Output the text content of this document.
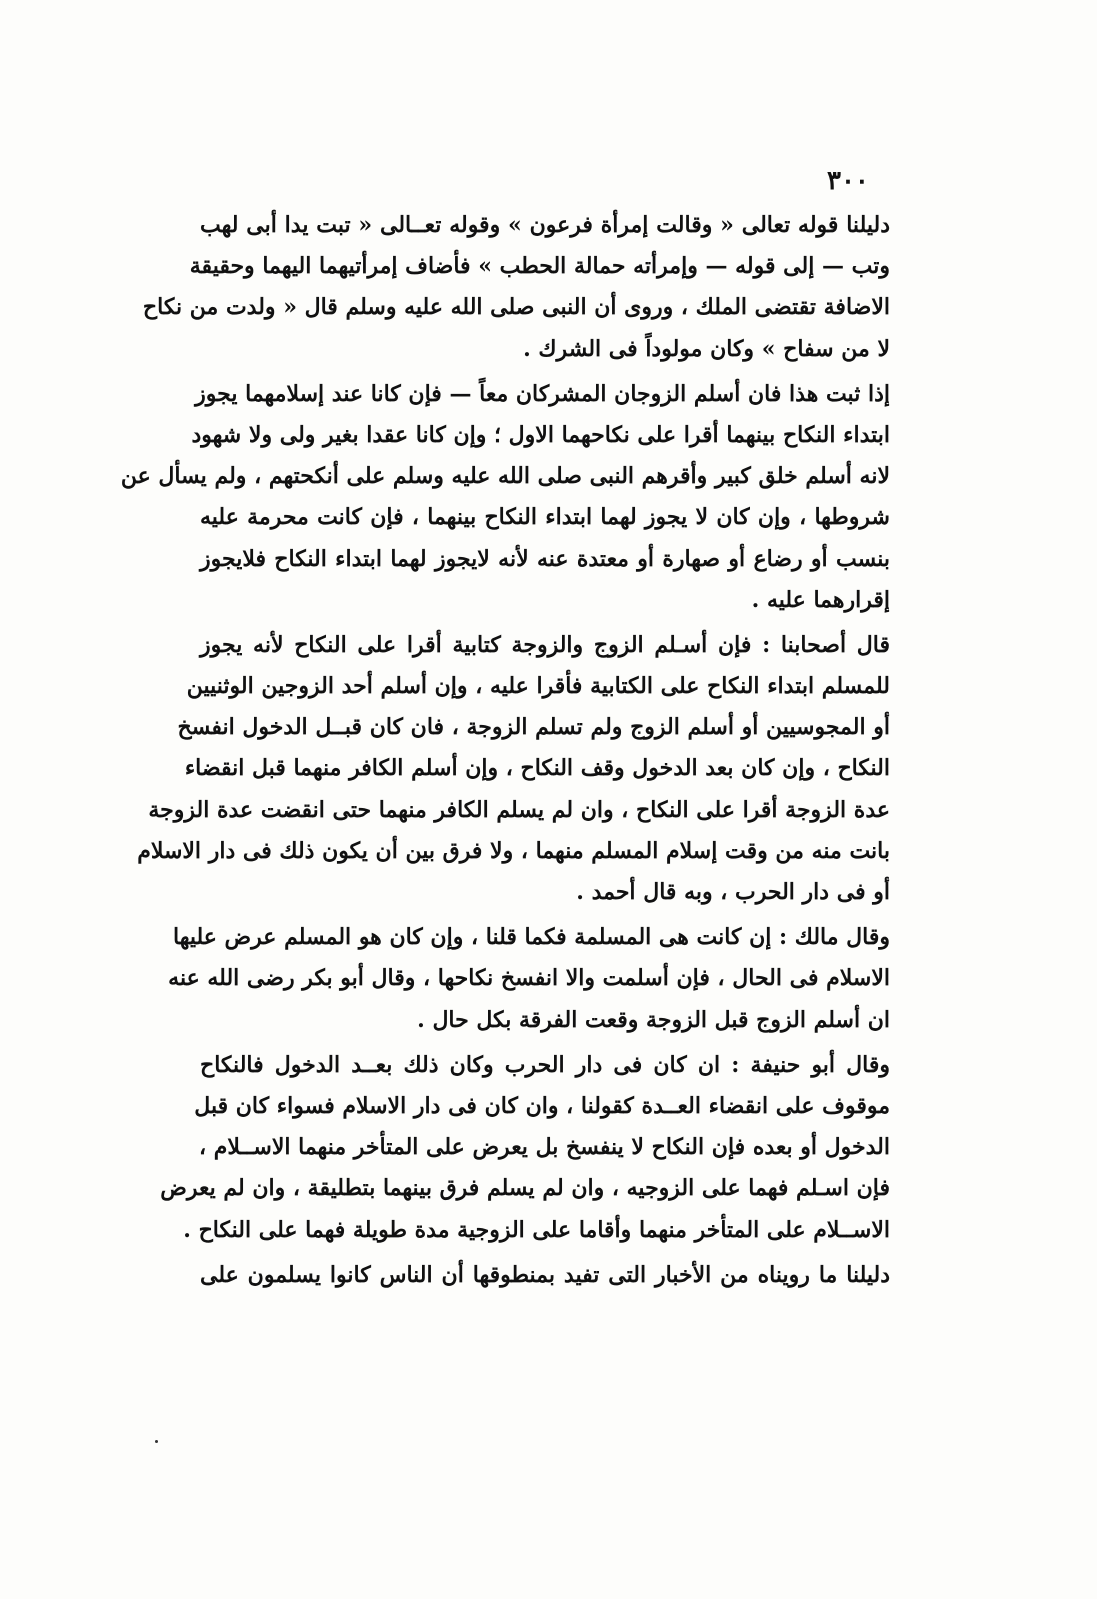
٣٠٠
دليلنا قوله تعالى « وقالت إمرأة فرعون » وقوله تعــالى « تبت يدا أبى لهب
وتب — إلى قوله — وإمرأته حمالة الحطب » فأضاف إمرأتيهما اليهما وحقيقة
الاضافة تقتضى الملك ، وروى أن النبى صلى الله عليه وسلم قال « ولدت من نكاح
لا من سفاح » وكان مولوداً فى الشرك .
إذا ثبت هذا فان أسلم الزوجان المشركان معاً — فإن كانا عند إسلامهما يجوز
ابتداء النكاح بينهما أقرا على نكاحهما الاول ؛ وإن كانا عقدا بغير ولى ولا شهود
لانه أسلم خلق كبير وأقرهم النبى صلى الله عليه وسلم على أنكحتهم ، ولم يسأل عن
شروطها ، وإن كان لا يجوز لهما ابتداء النكاح بينهما ، فإن كانت محرمة عليه
بنسب أو رضاع أو صهارة أو معتدة عنه لأنه لايجوز لهما ابتداء النكاح فلايجوز
إقرارهما عليه .
قال أصحابنا : فإن أسـلم الزوج والزوجة كتابية أقرا على النكاح لأنه يجوز
للمسلم ابتداء النكاح على الكتابية فأقرا عليه ، وإن أسلم أحد الزوجين الوثنيين
أو المجوسيين أو أسلم الزوج ولم تسلم الزوجة ، فان كان قبــل الدخول انفسخ
النكاح ، وإن كان بعد الدخول وقف النكاح ، وإن أسلم الكافر منهما قبل انقضاء
عدة الزوجة أقرا على النكاح ، وان لم يسلم الكافر منهما حتى انقضت عدة الزوجة
بانت منه من وقت إسلام المسلم منهما ، ولا فرق بين أن يكون ذلك فى دار الاسلام
أو فى دار الحرب ، وبه قال أحمد .
وقال مالك : إن كانت هى المسلمة فكما قلنا ، وإن كان هو المسلم عرض عليها
الاسلام فى الحال ، فإن أسلمت والا انفسخ نكاحها ، وقال أبو بكر رضى الله عنه
ان أسلم الزوج قبل الزوجة وقعت الفرقة بكل حال .
وقال أبو حنيفة : ان كان فى دار الحرب وكان ذلك بعــد الدخول فالنكاح
موقوف على انقضاء العــدة كقولنا ، وان كان فى دار الاسلام فسواء كان قبل
الدخول أو بعده فإن النكاح لا ينفسخ بل يعرض على المتأخر منهما الاســلام ،
فإن اسـلم فهما على الزوجيه ، وان لم يسلم فرق بينهما بتطليقة ، وان لم يعرض
الاســلام على المتأخر منهما وأقاما على الزوجية مدة طويلة فهما على النكاح .
دليلنا ما رويناه من الأخبار التى تفيد بمنطوقها أن الناس كانوا يسلمون على
